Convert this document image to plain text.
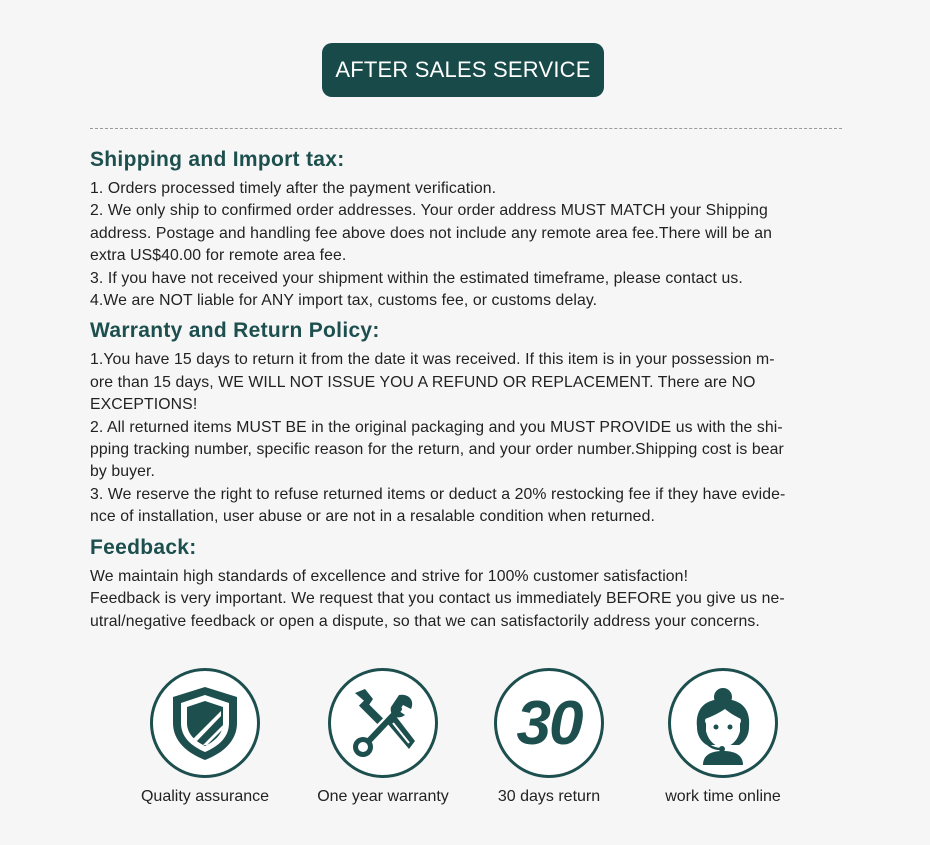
AFTER SALES SERVICE
Shipping and Import tax:

1. Orders processed timely after the payment verification.

2. We only ship to confirmed order addresses. Your order address MUST MATCH your Shipping

address. Postage and handling fee above does not include any remote area fee.There will be an

extra US$40.00 for remote area fee.

3. If you have not received your shipment within the estimated timeframe, please contact us.

4.We are NOT liable for ANY import tax, customs fee, or customs delay.

Warranty and Return Policy:

1.You have 15 days to return it from the date it was received. If this item is in your possession m-

ore than 15 days, WE WILL NOT ISSUE YOU A REFUND OR REPLACEMENT. There are NO

EXCEPTIONS!

2. All returned items MUST BE in the original packaging and you MUST PROVIDE us with the shi-

pping tracking number, specific reason for the return, and your order number.Shipping cost is bear

by buyer.

3. We reserve the right to refuse returned items or deduct a 20% restocking fee if they have evide-

nce of installation, user abuse or are not in a resalable condition when returned.

Feedback:

We maintain high standards of excellence and strive for 100% customer satisfaction!

Feedback is very important. We request that you contact us immediately BEFORE you give us ne-

utral/negative feedback or open a dispute, so that we can satisfactorily address your concerns.

Quality assurance	One year warranty
30
30 days return	work time online
